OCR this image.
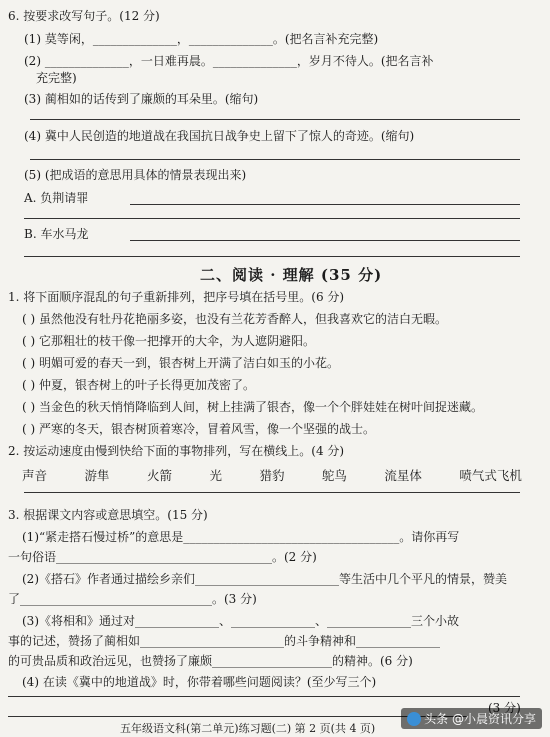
6. 按要求改写句子。(12 分)
(1) 莫等闲，______________，______________。(把名言补充完整)
(2) ______________，一日难再晨。______________，岁月不待人。(把名言补
充完整)
(3) 蔺相如的话传到了廉颇的耳朵里。(缩句)
(4) 冀中人民创造的地道战在我国抗日战争史上留下了惊人的奇迹。(缩句)
(5) (把成语的意思用具体的情景表现出来)
A. 负荆请罪
B. 车水马龙
二、阅读 · 理解 (35 分)
1. 将下面顺序混乱的句子重新排列，把序号填在括号里。(6 分)
( ) 虽然他没有牡丹花艳丽多姿，也没有兰花芳香醉人，但我喜欢它的洁白无暇。
( ) 它那粗壮的枝干像一把撑开的大伞，为人遮阴避阳。
( ) 明媚可爱的春天一到，银杏树上开满了洁白如玉的小花。
( ) 仲夏，银杏树上的叶子长得更加茂密了。
( ) 当金色的秋天悄悄降临到人间，树上挂满了银杏，像一个个胖娃娃在树叶间捉迷藏。
( ) 严寒的冬天，银杏树顶着寒冷，冒着风雪，像一个坚强的战士。
2. 按运动速度由慢到快给下面的事物排列，写在横线上。(4 分)
声音	游隼	火箭	光	猎豹	鸵鸟	流星体	喷气式飞机
3. 根据课文内容或意思填空。(15 分)
(1)“紧走搭石慢过桥”的意思是____________________________________。请你再写
一句俗语____________________________________。(2 分)
(2)《搭石》作者通过描绘乡亲们________________________等生活中几个平凡的情景，赞美
了________________________________。(3 分)
(3)《将相和》通过对______________、______________、______________三个小故
事的记述，赞扬了蔺相如________________________的斗争精神和______________
的可贵品质和政治远见，也赞扬了廉颇____________________的精神。(6 分)
(4) 在读《冀中的地道战》时，你带着哪些问题阅读？(至少写三个)
五年级语文科(第二单元)练习题(二) 第 2 页(共 4 页)
头条 @小晨资讯分享
